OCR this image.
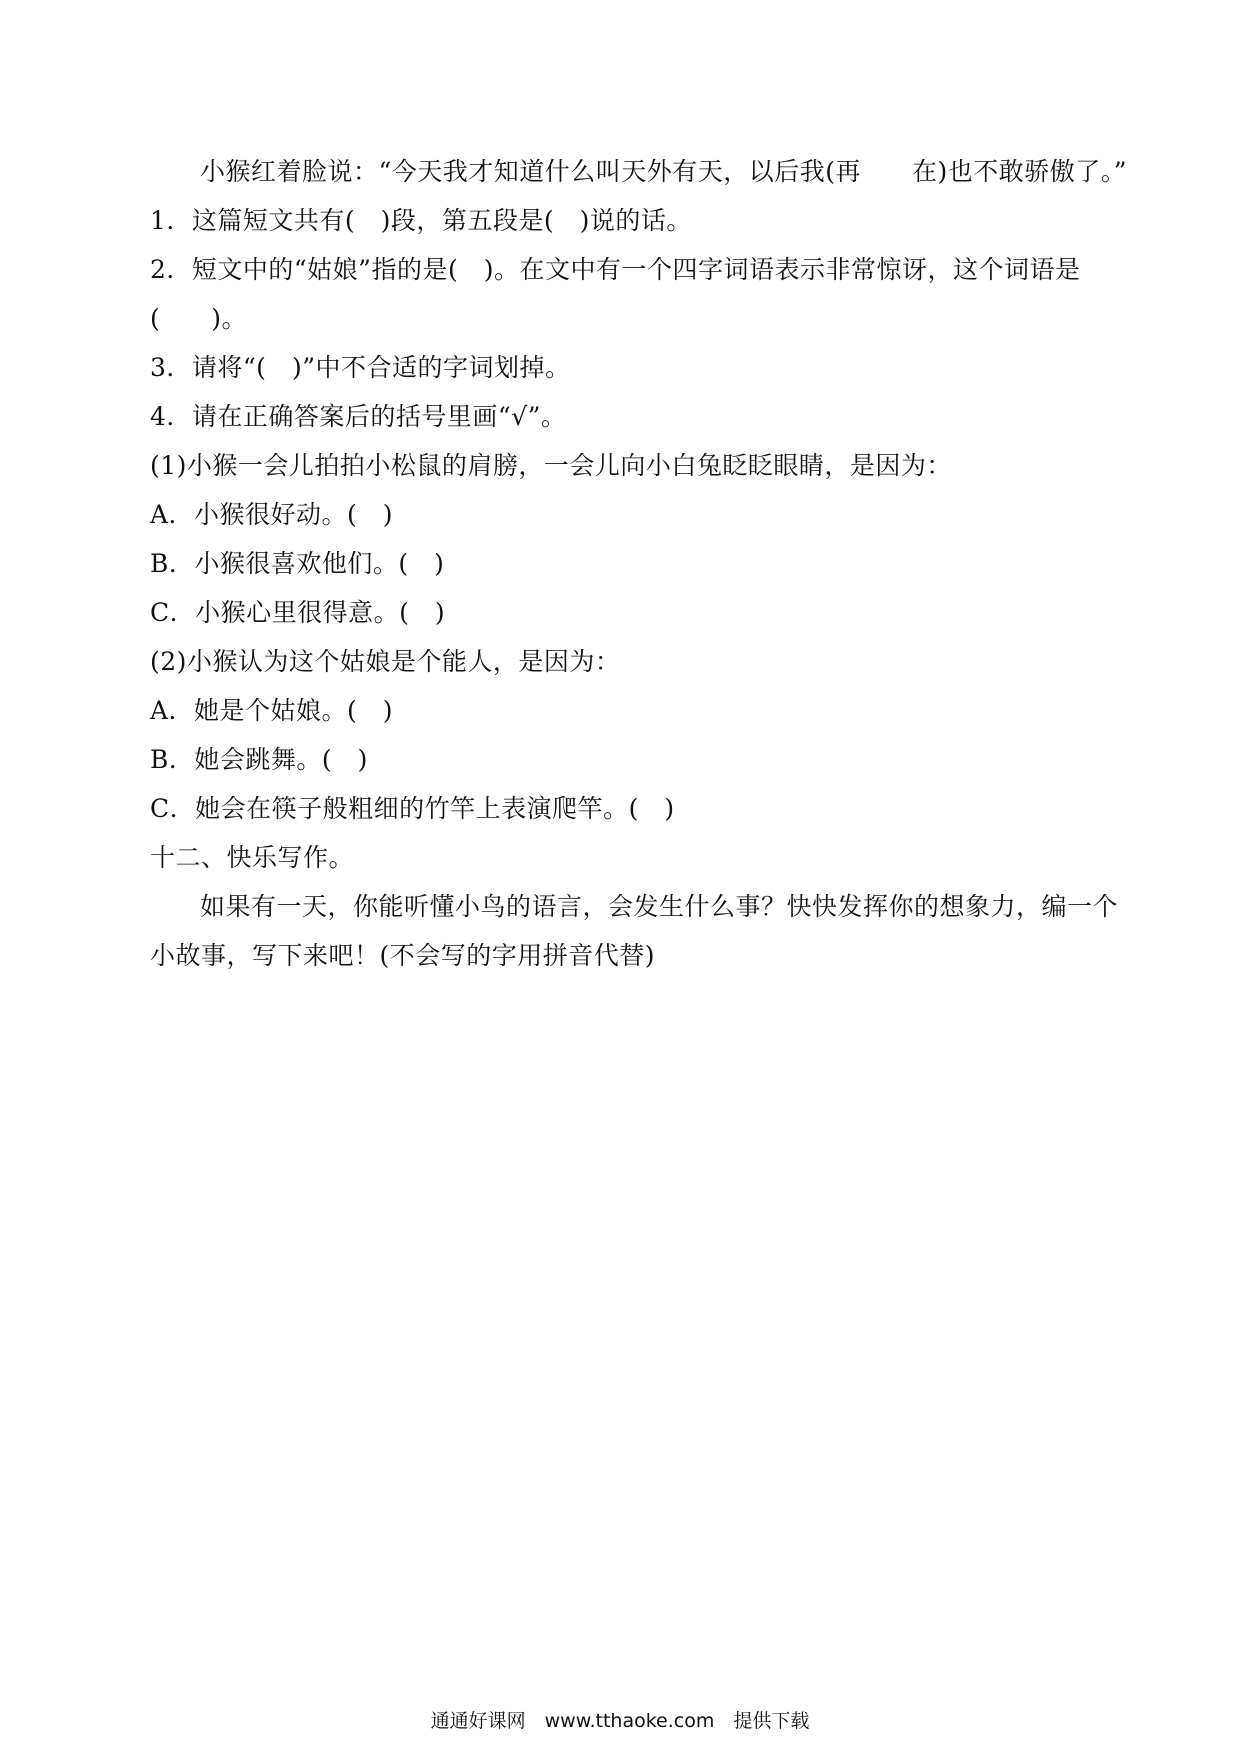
小猴红着脸说：“今天我才知道什么叫天外有天，以后我(再　　在)也不敢骄傲了。”
1．这篇短文共有(　)段，第五段是(　)说的话。
2．短文中的“姑娘”指的是(　)。在文中有一个四字词语表示非常惊讶，这个词语是
(　　)。
3．请将“(　)”中不合适的字词划掉。
4．请在正确答案后的括号里画“√”。
(1)小猴一会儿拍拍小松鼠的肩膀，一会儿向小白兔眨眨眼睛，是因为：
A．小猴很好动。(　)
B．小猴很喜欢他们。(　)
C．小猴心里很得意。(　)
(2)小猴认为这个姑娘是个能人，是因为：
A．她是个姑娘。(　)
B．她会跳舞。(　)
C．她会在筷子般粗细的竹竿上表演爬竿。(　)
十二、快乐写作。
如果有一天，你能听懂小鸟的语言，会发生什么事？快快发挥你的想象力，编一个
小故事，写下来吧！(不会写的字用拼音代替)
通通好课网　www.tthaoke.com　提供下载
